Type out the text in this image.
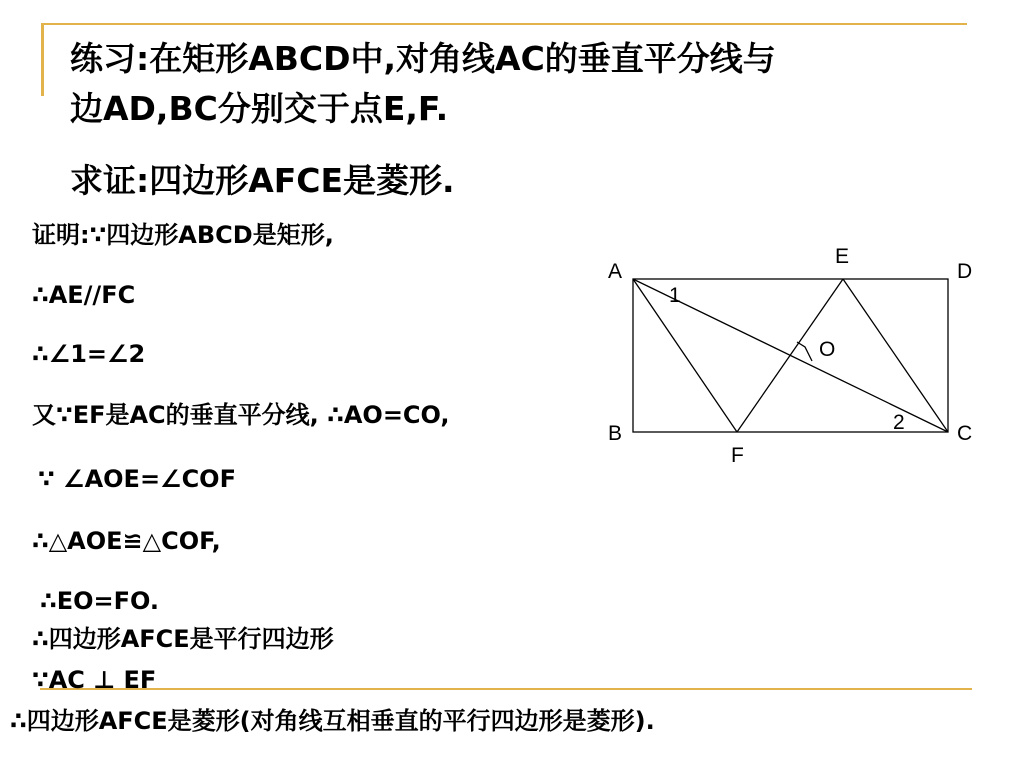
练习:在矩形ABCD中,对角线AC的垂直平分线与
边AD,BC分别交于点E,F.
求证:四边形AFCE是菱形.
证明:∵四边形ABCD是矩形,
∴AE//FC
∴∠1=∠2
又∵EF是AC的垂直平分线, ∴AO=CO,
∵ ∠AOE=∠COF
∴△AOE≌△COF,
∴EO=FO.
∴四边形AFCE是平行四边形
∵AC ⊥ EF
∴四边形AFCE是菱形(对角线互相垂直的平行四边形是菱形).
A	D
B	C
E
F
O
1
2
